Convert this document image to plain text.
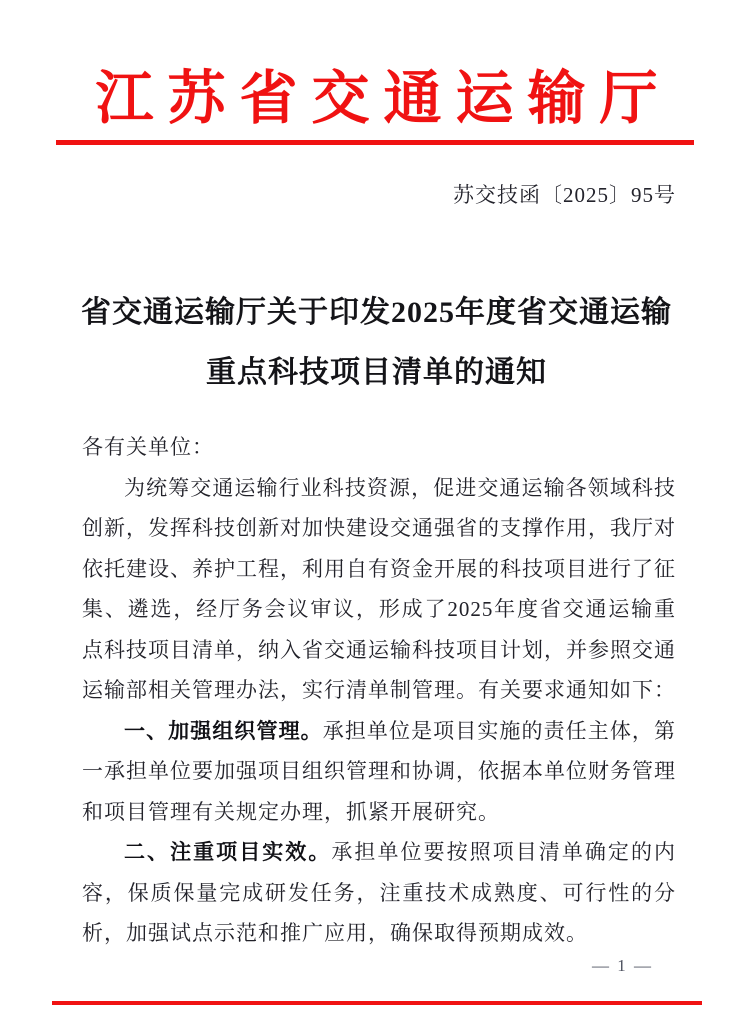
江苏省交通运输厅
苏交技函〔2025〕95号
省交通运输厅关于印发2025年度省交通运输
重点科技项目清单的通知

各有关单位：

为统筹交通运输行业科技资源，促进交通运输各领域科技创新，发挥科技创新对加快建设交通强省的支撑作用，我厅对依托建设、养护工程，利用自有资金开展的科技项目进行了征集、遴选，经厅务会议审议，形成了2025年度省交通运输重点科技项目清单，纳入省交通运输科技项目计划，并参照交通运输部相关管理办法，实行清单制管理。有关要求通知如下：

一、加强组织管理。承担单位是项目实施的责任主体，第一承担单位要加强项目组织管理和协调，依据本单位财务管理和项目管理有关规定办理，抓紧开展研究。

二、注重项目实效。承担单位要按照项目清单确定的内容，保质保量完成研发任务，注重技术成熟度、可行性的分析，加强试点示范和推广应用，确保取得预期成效。

— 1 —
